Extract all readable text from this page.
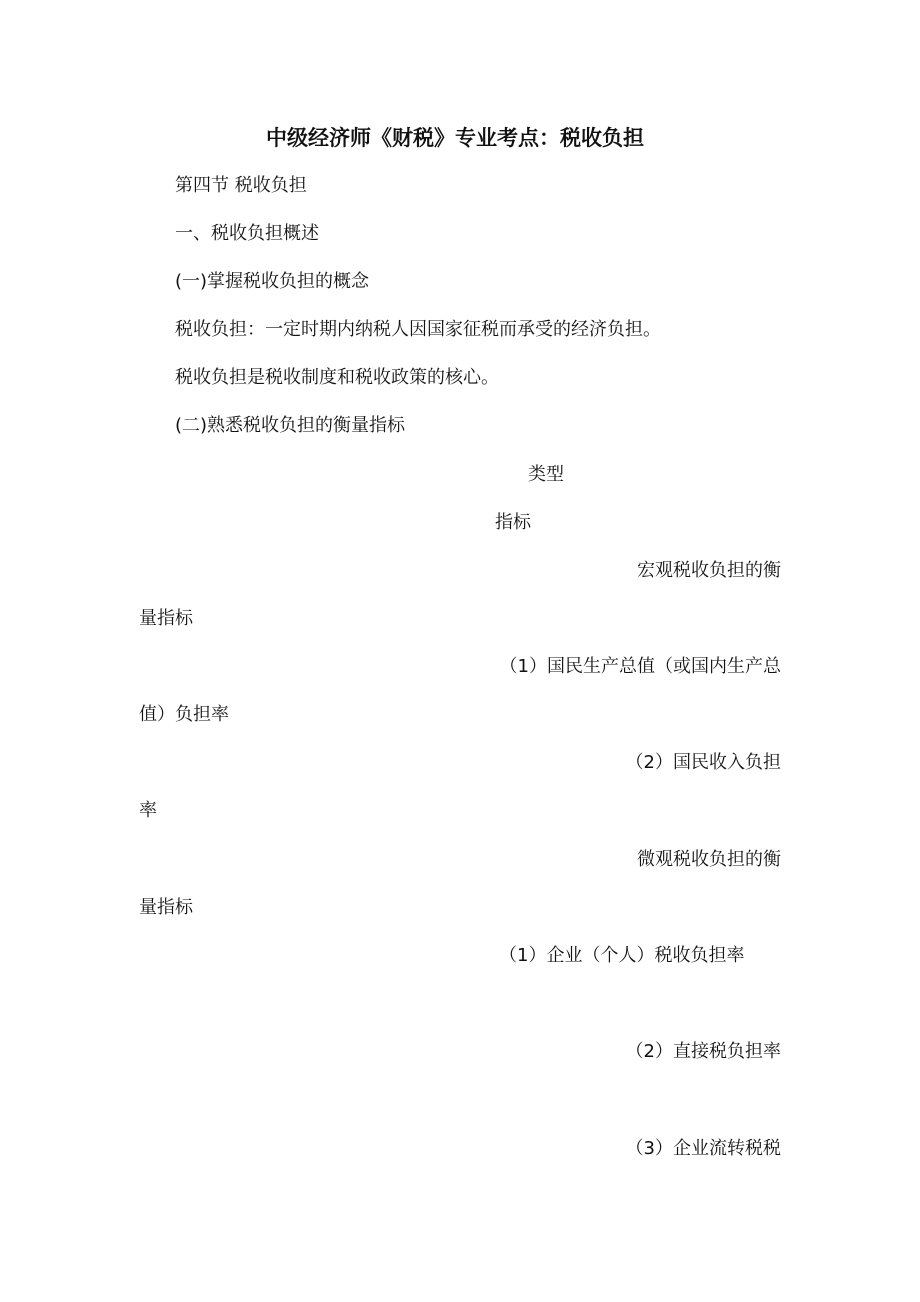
中级经济师《财税》专业考点：税收负担

第四节 税收负担

一、税收负担概述

(一)掌握税收负担的概念

税收负担：一定时期内纳税人因国家征税而承受的经济负担。

税收负担是税收制度和税收政策的核心。

(二)熟悉税收负担的衡量指标

类型

指标

宏观税收负担的衡

量指标

（1）国民生产总值（或国内生产总

值）负担率

（2）国民收入负担

率

微观税收负担的衡

量指标

（1）企业（个人）税收负担率

（2）直接税负担率

（3）企业流转税税
